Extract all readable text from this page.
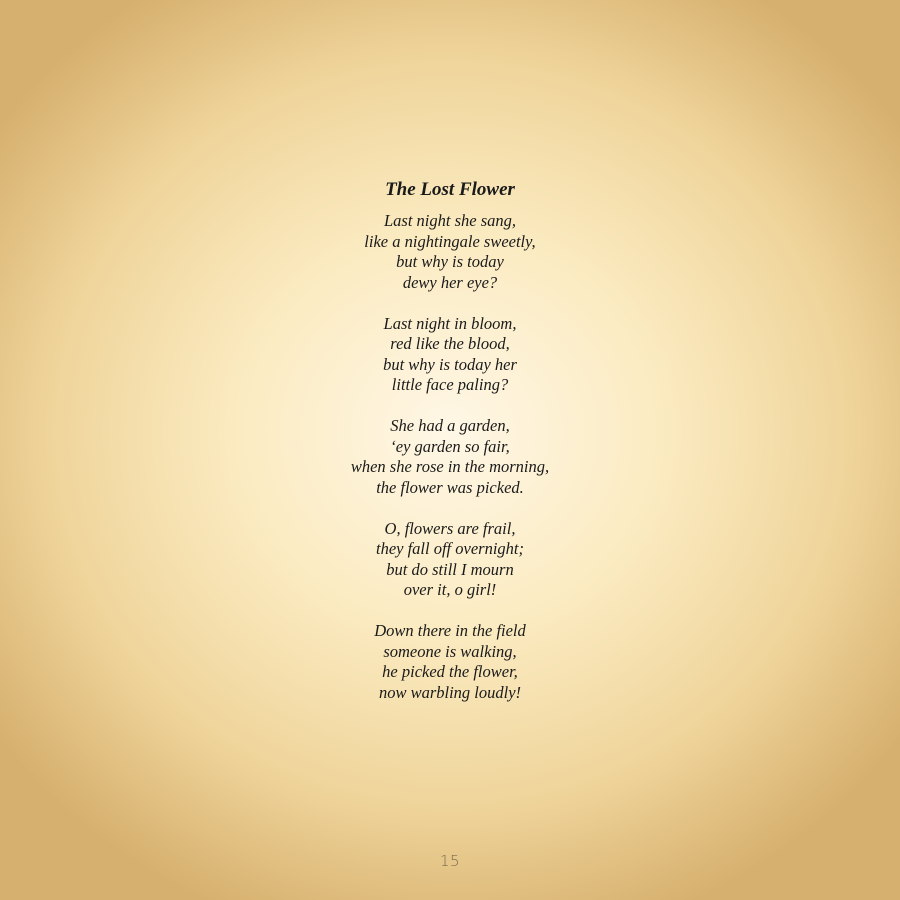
The Lost Flower
Last night she sang,
like a nightingale sweetly,
but why is today
dewy her eye?
Last night in bloom,
red like the blood,
but why is today her
little face paling?
She had a garden,
‘ey garden so fair,
when she rose in the morning,
the flower was picked.
O, flowers are frail,
they fall off overnight;
but do still I mourn
over it, o girl!
Down there in the field
someone is walking,
he picked the flower,
now warbling loudly!
15
